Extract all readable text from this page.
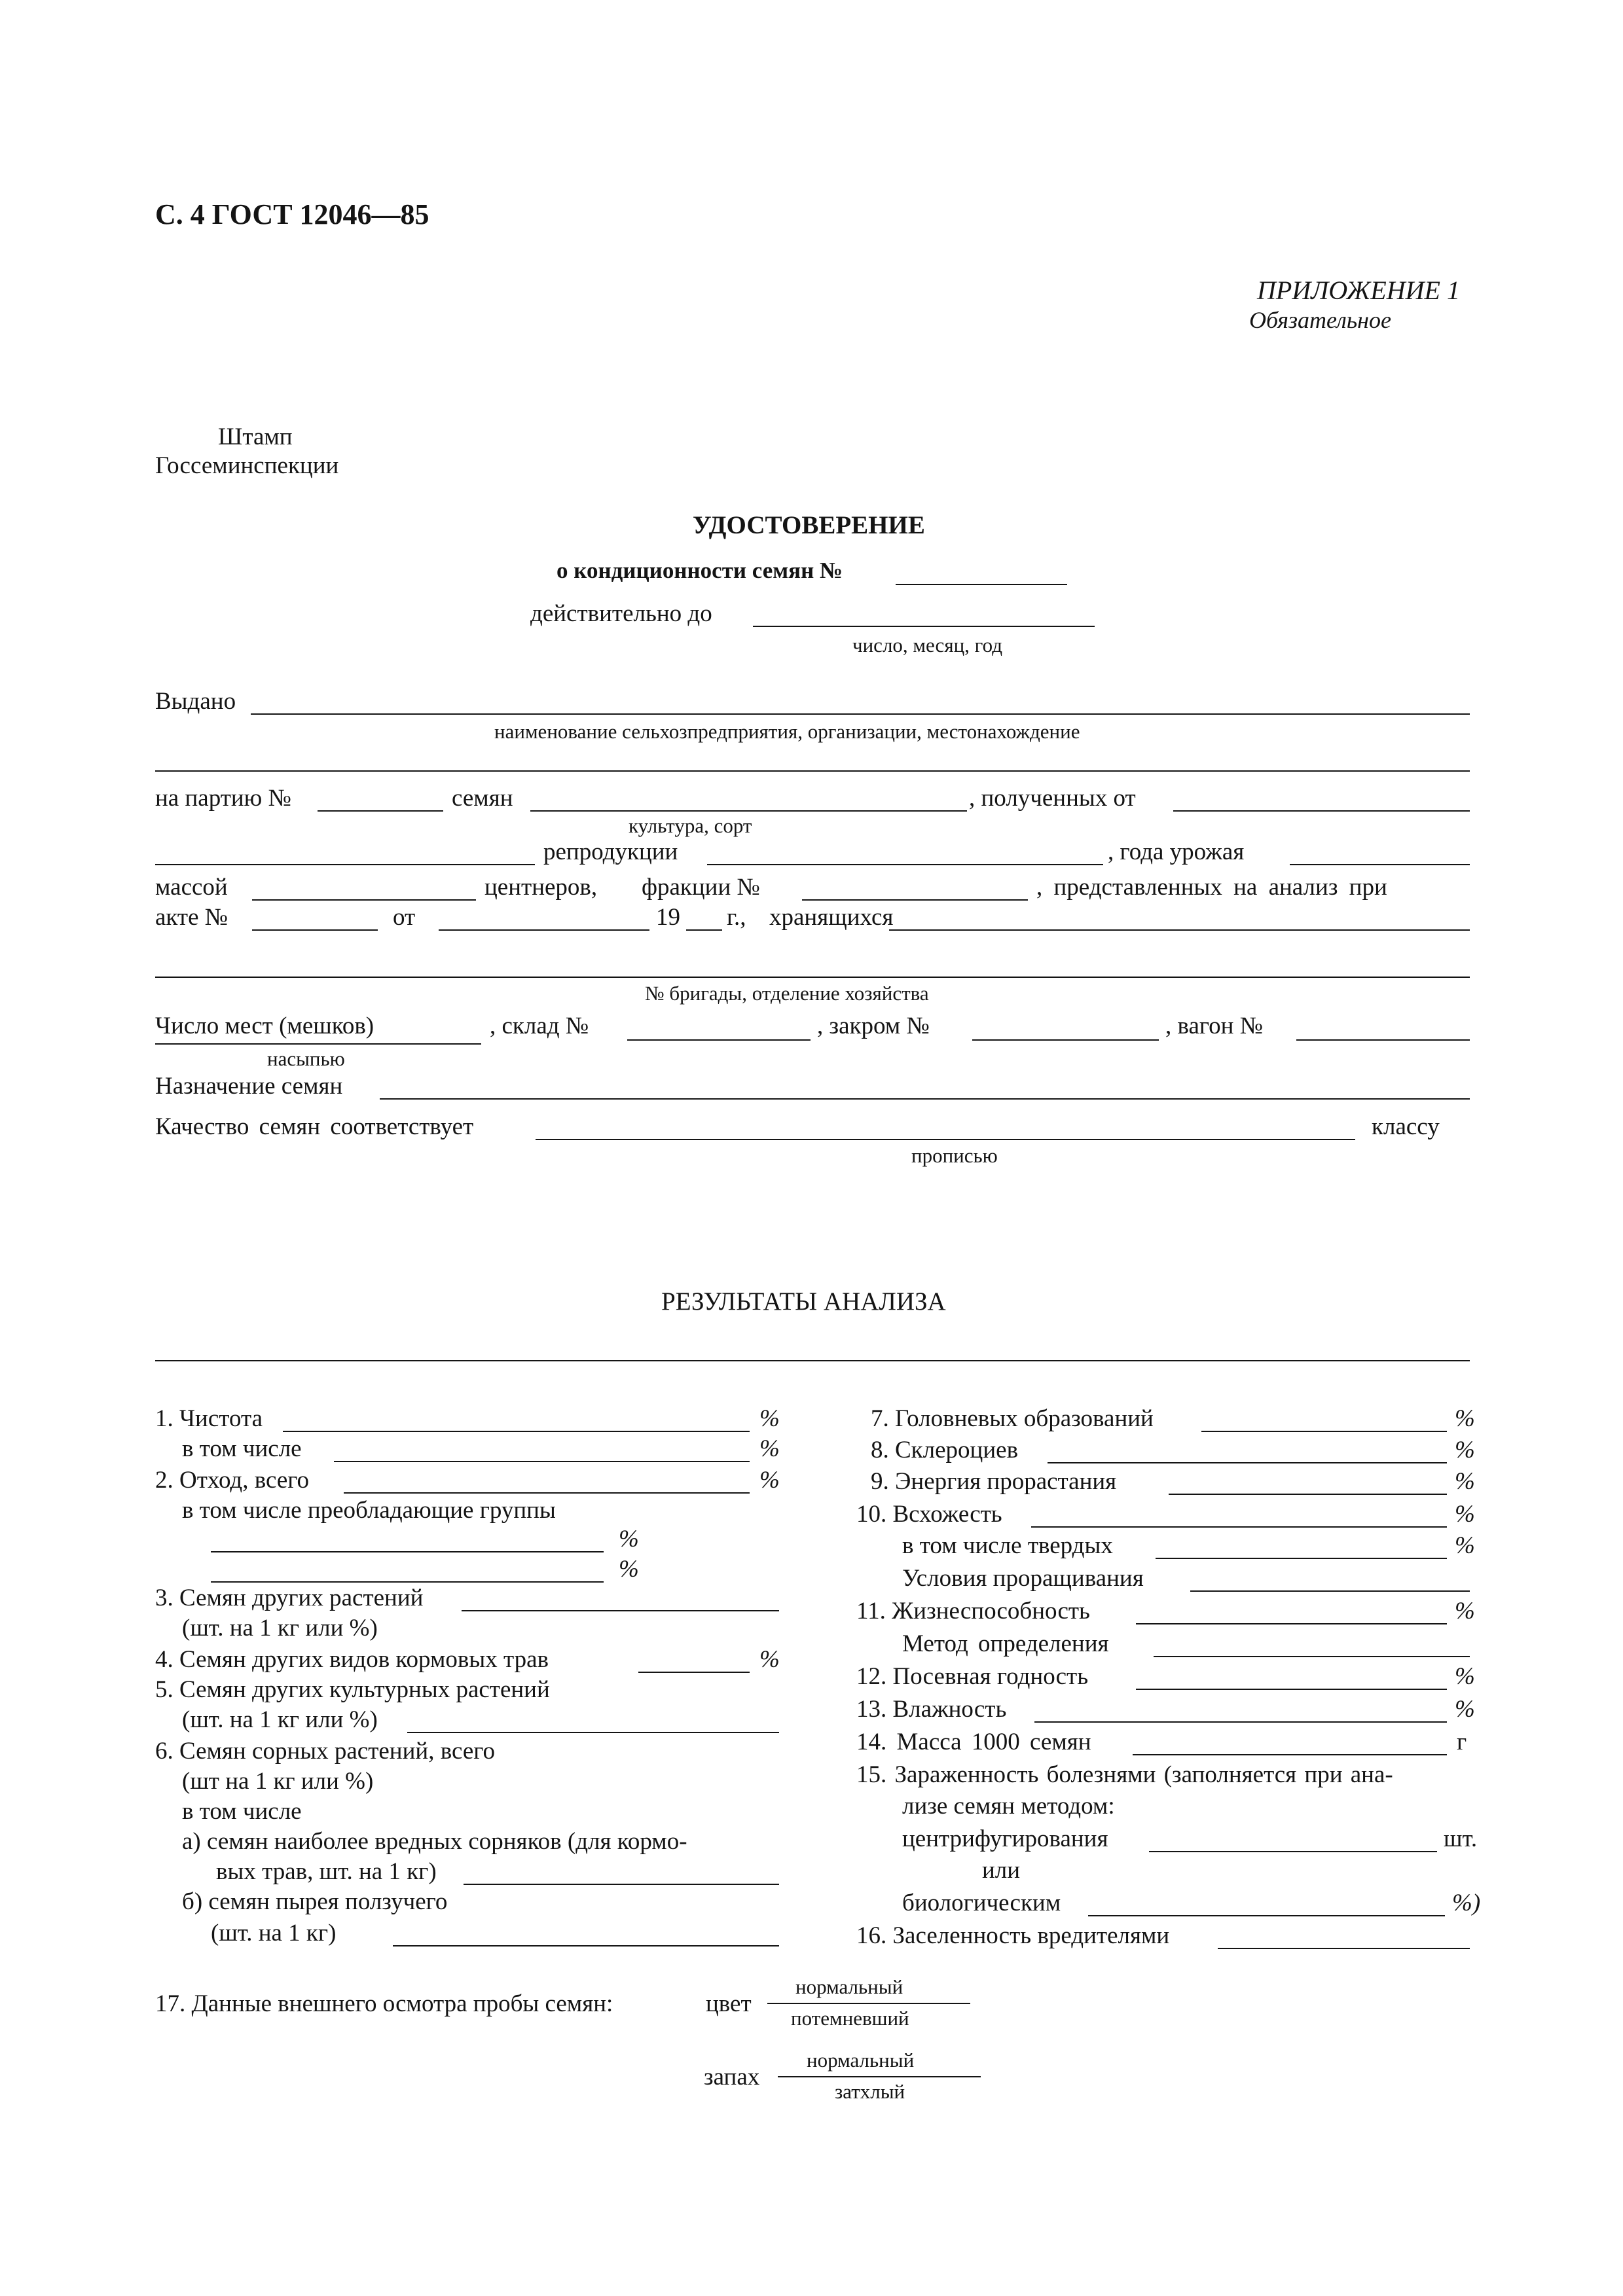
С. 4 ГОСТ 12046—85
ПРИЛОЖЕНИЕ 1
Обязательное
Штамп
Госсеминспекции
УДОСТОВЕРЕНИЕ
о кондиционности семян №
действительно до
число, месяц, год
Выдано
наименование сельхозпредприятия, организации, местонахождение
на партию №	семян	, полученных от
культура, сорт
репродукции	, года урожая
массой	центнеров, фракции №	, представленных на анализ при
акте №	от	19 г., хранящихся
№ бригады, отделение хозяйства
Число мест (мешков)
насыпью
, склад №	, закром №	, вагон №
Назначение семян
Качество семян соответствует	классу
прописью
РЕЗУЛЬТАТЫ АНАЛИЗА
1. Чистота	%
в том числе	%
2. Отход, всего	%
в том числе преобладающие группы
%
%
3. Семян других растений
(шт. на 1 кг или %)
4. Семян других видов кормовых трав	%
5. Семян других культурных растений
(шт. на 1 кг или %)
6. Семян сорных растений, всего
(шт на 1 кг или %)
в том числе
а) семян наиболее вредных сорняков (для кормо-
вых трав, шт. на 1 кг)
б) семян пырея ползучего
(шт. на 1 кг)
7. Головневых образований	%
8. Склероциев	%
9. Энергия прорастания	%
10. Всхожесть	%
в том числе твердых	%
Условия проращивания
11. Жизнеспособность	%
Метод определения
12. Посевная годность	%
13. Влажность	%
14. Масса 1000 семян	г
15. Зараженность болезнями (заполняется при ана-
лизе семян методом:
центрифугирования	шт.
или
биологическим	%)
16. Заселенность вредителями
17. Данные внешнего осмотра пробы семян:	цвет
нормальный
потемневший
запах
нормальный
затхлый
